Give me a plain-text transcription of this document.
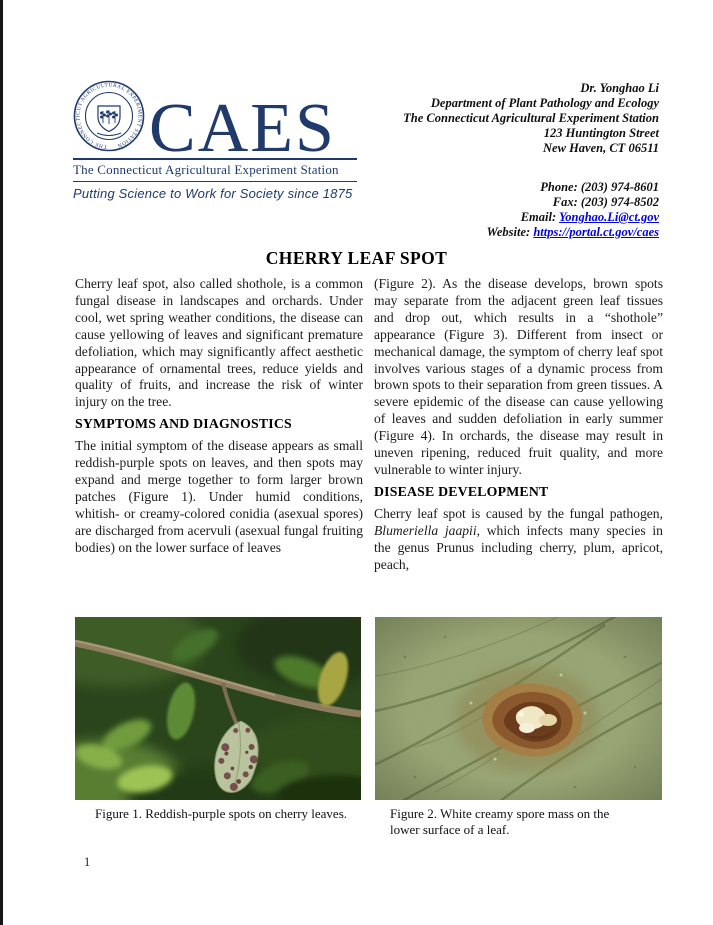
THE CONNECTICUT AGRICULTURAL EXPERIMENT STATION CAES
The Connecticut Agricultural Experiment Station
Putting Science to Work for Society since 1875
Dr. Yonghao Li
Department of Plant Pathology and Ecology
The Connecticut Agricultural Experiment Station
123 Huntington Street
New Haven, CT 06511
Phone: (203) 974-8601
Fax: (203) 974-8502
Email: Yonghao.Li@ct.gov
Website: https://portal.ct.gov/caes
CHERRY LEAF SPOT

Cherry leaf spot, also called shothole, is a common fungal disease in landscapes and orchards. Under cool, wet spring weather conditions, the disease can cause yellowing of leaves and significant premature defoliation, which may significantly affect aesthetic appearance of ornamental trees, reduce yields and quality of fruits, and increase the risk of winter injury on the tree.

SYMPTOMS AND DIAGNOSTICS

The initial symptom of the disease appears as small reddish-purple spots on leaves, and then spots may expand and merge together to form larger brown patches (Figure 1). Under humid conditions, whitish- or creamy-colored conidia (asexual spores) are discharged from acervuli (asexual fungal fruiting bodies) on the lower surface of leaves

(Figure 2). As the disease develops, brown spots may separate from the adjacent green leaf tissues and drop out, which results in a “shothole” appearance (Figure 3). Different from insect or mechanical damage, the symptom of cherry leaf spot involves various stages of a dynamic process from brown spots to their separation from green tissues. A severe epidemic of the disease can cause yellowing of leaves and sudden defoliation in early summer (Figure 4). In orchards, the disease may result in uneven ripening, reduced fruit quality, and more vulnerable to winter injury.

DISEASE DEVELOPMENT

Cherry leaf spot is caused by the fungal pathogen, Blumeriella jaapii, which infects many species in the genus Prunus including cherry, plum, apricot, peach,

Figure 1. Reddish-purple spots on cherry leaves.	Figure 2. White creamy spore mass on the lower surface of a leaf.
1
